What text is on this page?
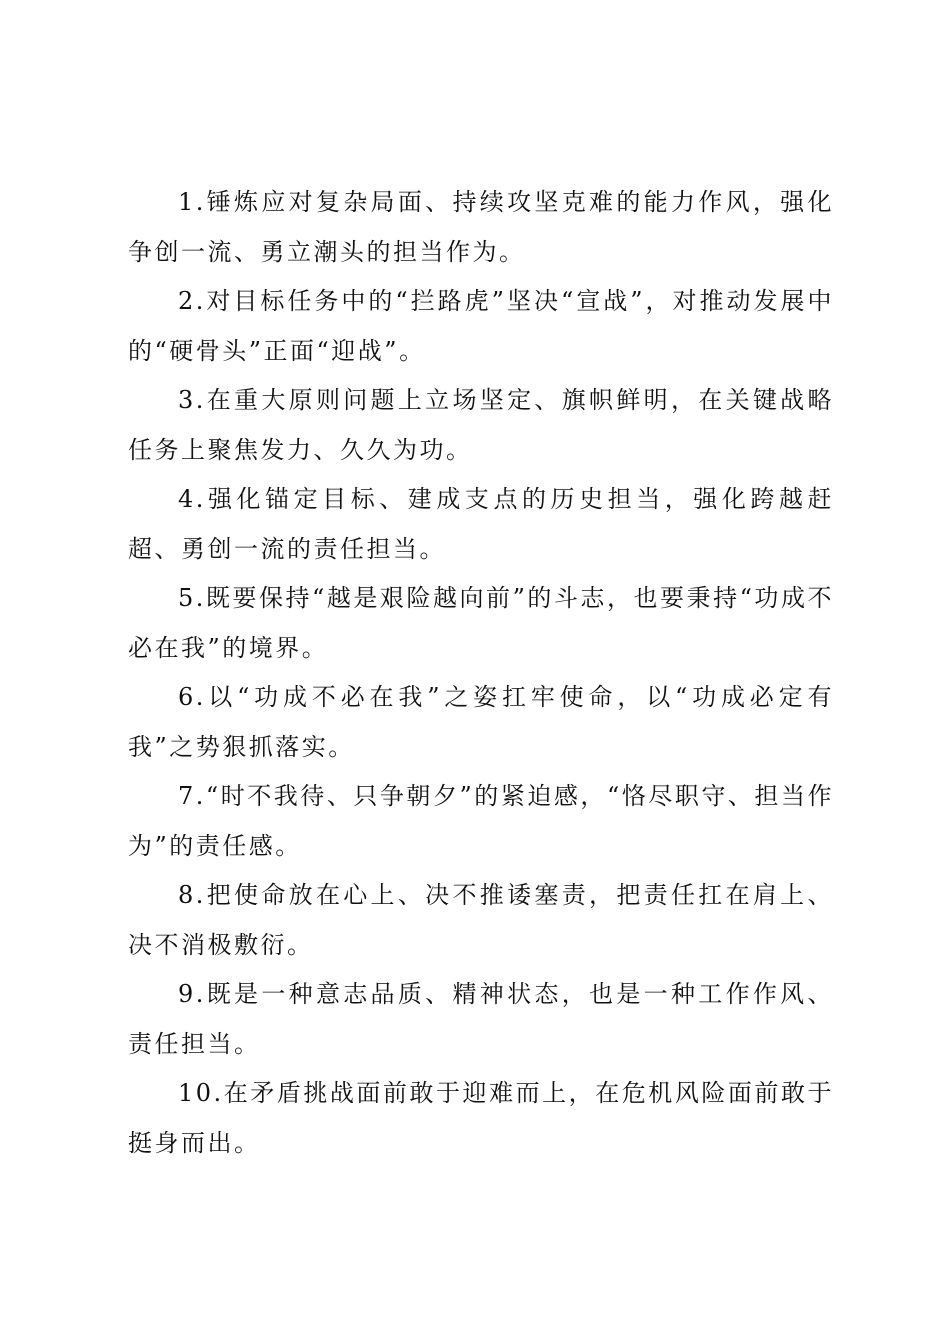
1.锤炼应对复杂局面、持续攻坚克难的能力作风，强化争创一流、勇立潮头的担当作为。

2.对目标任务中的“拦路虎”坚决“宣战”，对推动发展中的“硬骨头”正面“迎战”。

3.在重大原则问题上立场坚定、旗帜鲜明，在关键战略任务上聚焦发力、久久为功。

4.强化锚定目标、建成支点的历史担当，强化跨越赶超、勇创一流的责任担当。

5.既要保持“越是艰险越向前”的斗志，也要秉持“功成不必在我”的境界。

6.以“功成不必在我”之姿扛牢使命，以“功成必定有我”之势狠抓落实。

7.“时不我待、只争朝夕”的紧迫感，“恪尽职守、担当作为”的责任感。

8.把使命放在心上、决不推诿塞责，把责任扛在肩上、决不消极敷衍。

9.既是一种意志品质、精神状态，也是一种工作作风、责任担当。

10.在矛盾挑战面前敢于迎难而上，在危机风险面前敢于挺身而出。
